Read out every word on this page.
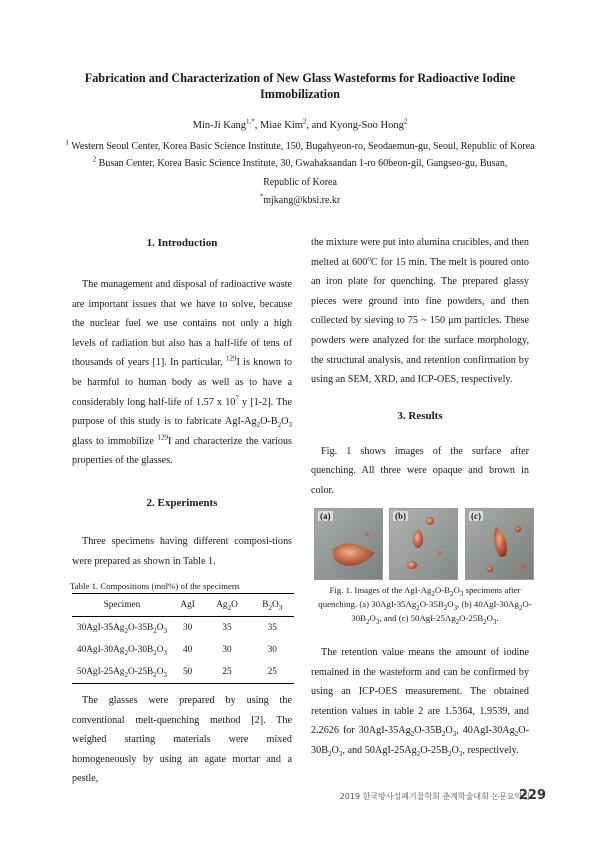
Fabrication and Characterization of New Glass Wasteforms for Radioactive Iodine
Immobilization
Min-Ji Kang$^{1,*}$, Miae Kim$^2$, and Kyong-Soo Hong$^2$
$^1$ Western Seoul Center, Korea Basic Science Institute, 150, Bugahyeon-ro, Seodaemun-gu, Seoul, Republic of Korea
$^2$ Busan Center, Korea Basic Science Institute, 30, Gwahaksandan 1-ro 60beon-gil, Gangseo-gu, Busan,
Republic of Korea
*mjkang@kbsi.re.kr
1. Introduction

The management and disposal of radioactive waste are important issues that we have to solve, because the nuclear fuel we use contains not only a high levels of radiation but also has a half-life of tens of thousands of years [1]. In particular, $^{129}$I is known to be harmful to human body as well as to have a considerably long half-life of 1.57 x $10^7$ y [1-2]. The purpose of this study is to fabricate AgI-$Ag_2O-B_2O_3$ glass to immobilize $^{129}$I and characterize the various properties of the glasses.

2. Experiments

Three specimens having different composi-tions were prepared as shown in Table 1.

Table 1. Compositions (mol%) of the specimens
Specimen	AgI	$Ag_2O$	$B_2O_3$
$30AgI-35Ag_2O-35B_2O_3$	30	35	35
$40AgI-30Ag_2O-30B_2O_3$	40	30	30
$50AgI-25Ag_2O-25B_2O_3$	50	25	25

The glasses were prepared by using the conventional melt-quenching method [2]. The weighed starting materials were mixed homogeneously by using an agate mortar and a pestle,

the mixture were put into alumina crucibles, and then melted at 600$^o$C for 15 min. The melt is poured onto an iron plate for quenching. The prepared glassy pieces were ground into fine powders, and then collected by sieving to 75 ~ 150 μm particles. These powders were analyzed for the surface morphology, the structural analysis, and retention confirmation by using an SEM, XRD, and ICP-OES, respectively.

3. Results

Fig. 1 shows images of the surface after quenching. All three were opaque and brown in color.

(a)	(b)	(c)
Fig. 1. Images of the AgI-$Ag_2O-B_2O_3$ specimens after quenching. (a) $30AgI-35Ag_2O-35B_2O_3$, (b) $40AgI-30Ag_2O-30B_2O_3$, and (c) $50AgI-25Ag_2O-25B_2O_3$.

The retention value means the amount of iodine remained in the wasteform and can be confirmed by using an ICP-OES measurement. The obtained retention values in table 2 are 1.5364, 1.9539, and 2.2626 for $30AgI-35Ag_2O-35B_2O_3$, $40AgI-30Ag_2O-30B_2O_3$, and $50AgI-25Ag_2O-25B_2O_3$, respectively.

2019 한국방사성폐기물학회 춘계학술대회 논문요약집
229
